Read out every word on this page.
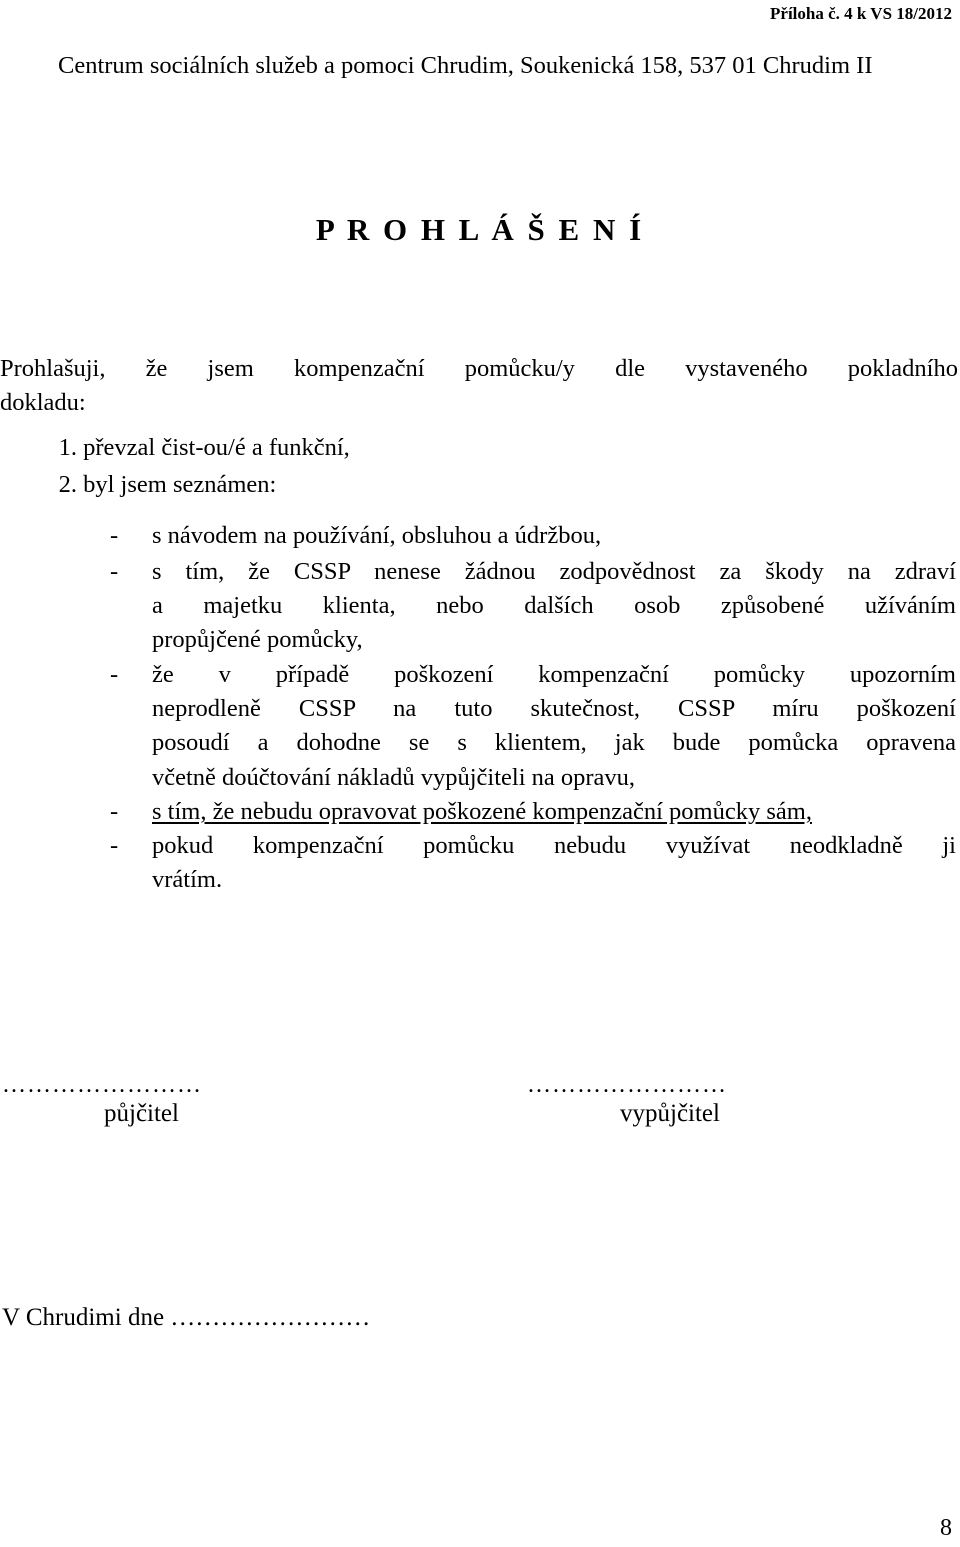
Příloha č. 4 k VS 18/2012
Centrum sociálních služeb a pomoci Chrudim, Soukenická 158, 537 01 Chrudim II
P R O H L Á Š E N Í
Prohlašuji, že jsem kompenzační pomůcku/y dle vystaveného pokladního
dokladu:
1. převzal čist-ou/é a funkční,
2. byl jsem seznámen:
- s návodem na používání, obsluhou a údržbou,
- s tím, že CSSP nenese žádnou zodpovědnost za škody na zdraví
a majetku klienta, nebo dalších osob způsobené užíváním
propůjčené pomůcky,
- že v případě poškození kompenzační pomůcky upozorním
neprodleně CSSP na tuto skutečnost, CSSP míru poškození
posoudí a dohodne se s klientem, jak bude pomůcka opravena
včetně doúčtování nákladů vypůjčiteli na opravu,
- s tím, že nebudu opravovat poškozené kompenzační pomůcky sám,
- pokud kompenzační pomůcku nebudu využívat neodkladně ji
vrátím.
……………………	……………………
půjčitel	vypůjčitel
V Chrudimi dne ……………………
8
